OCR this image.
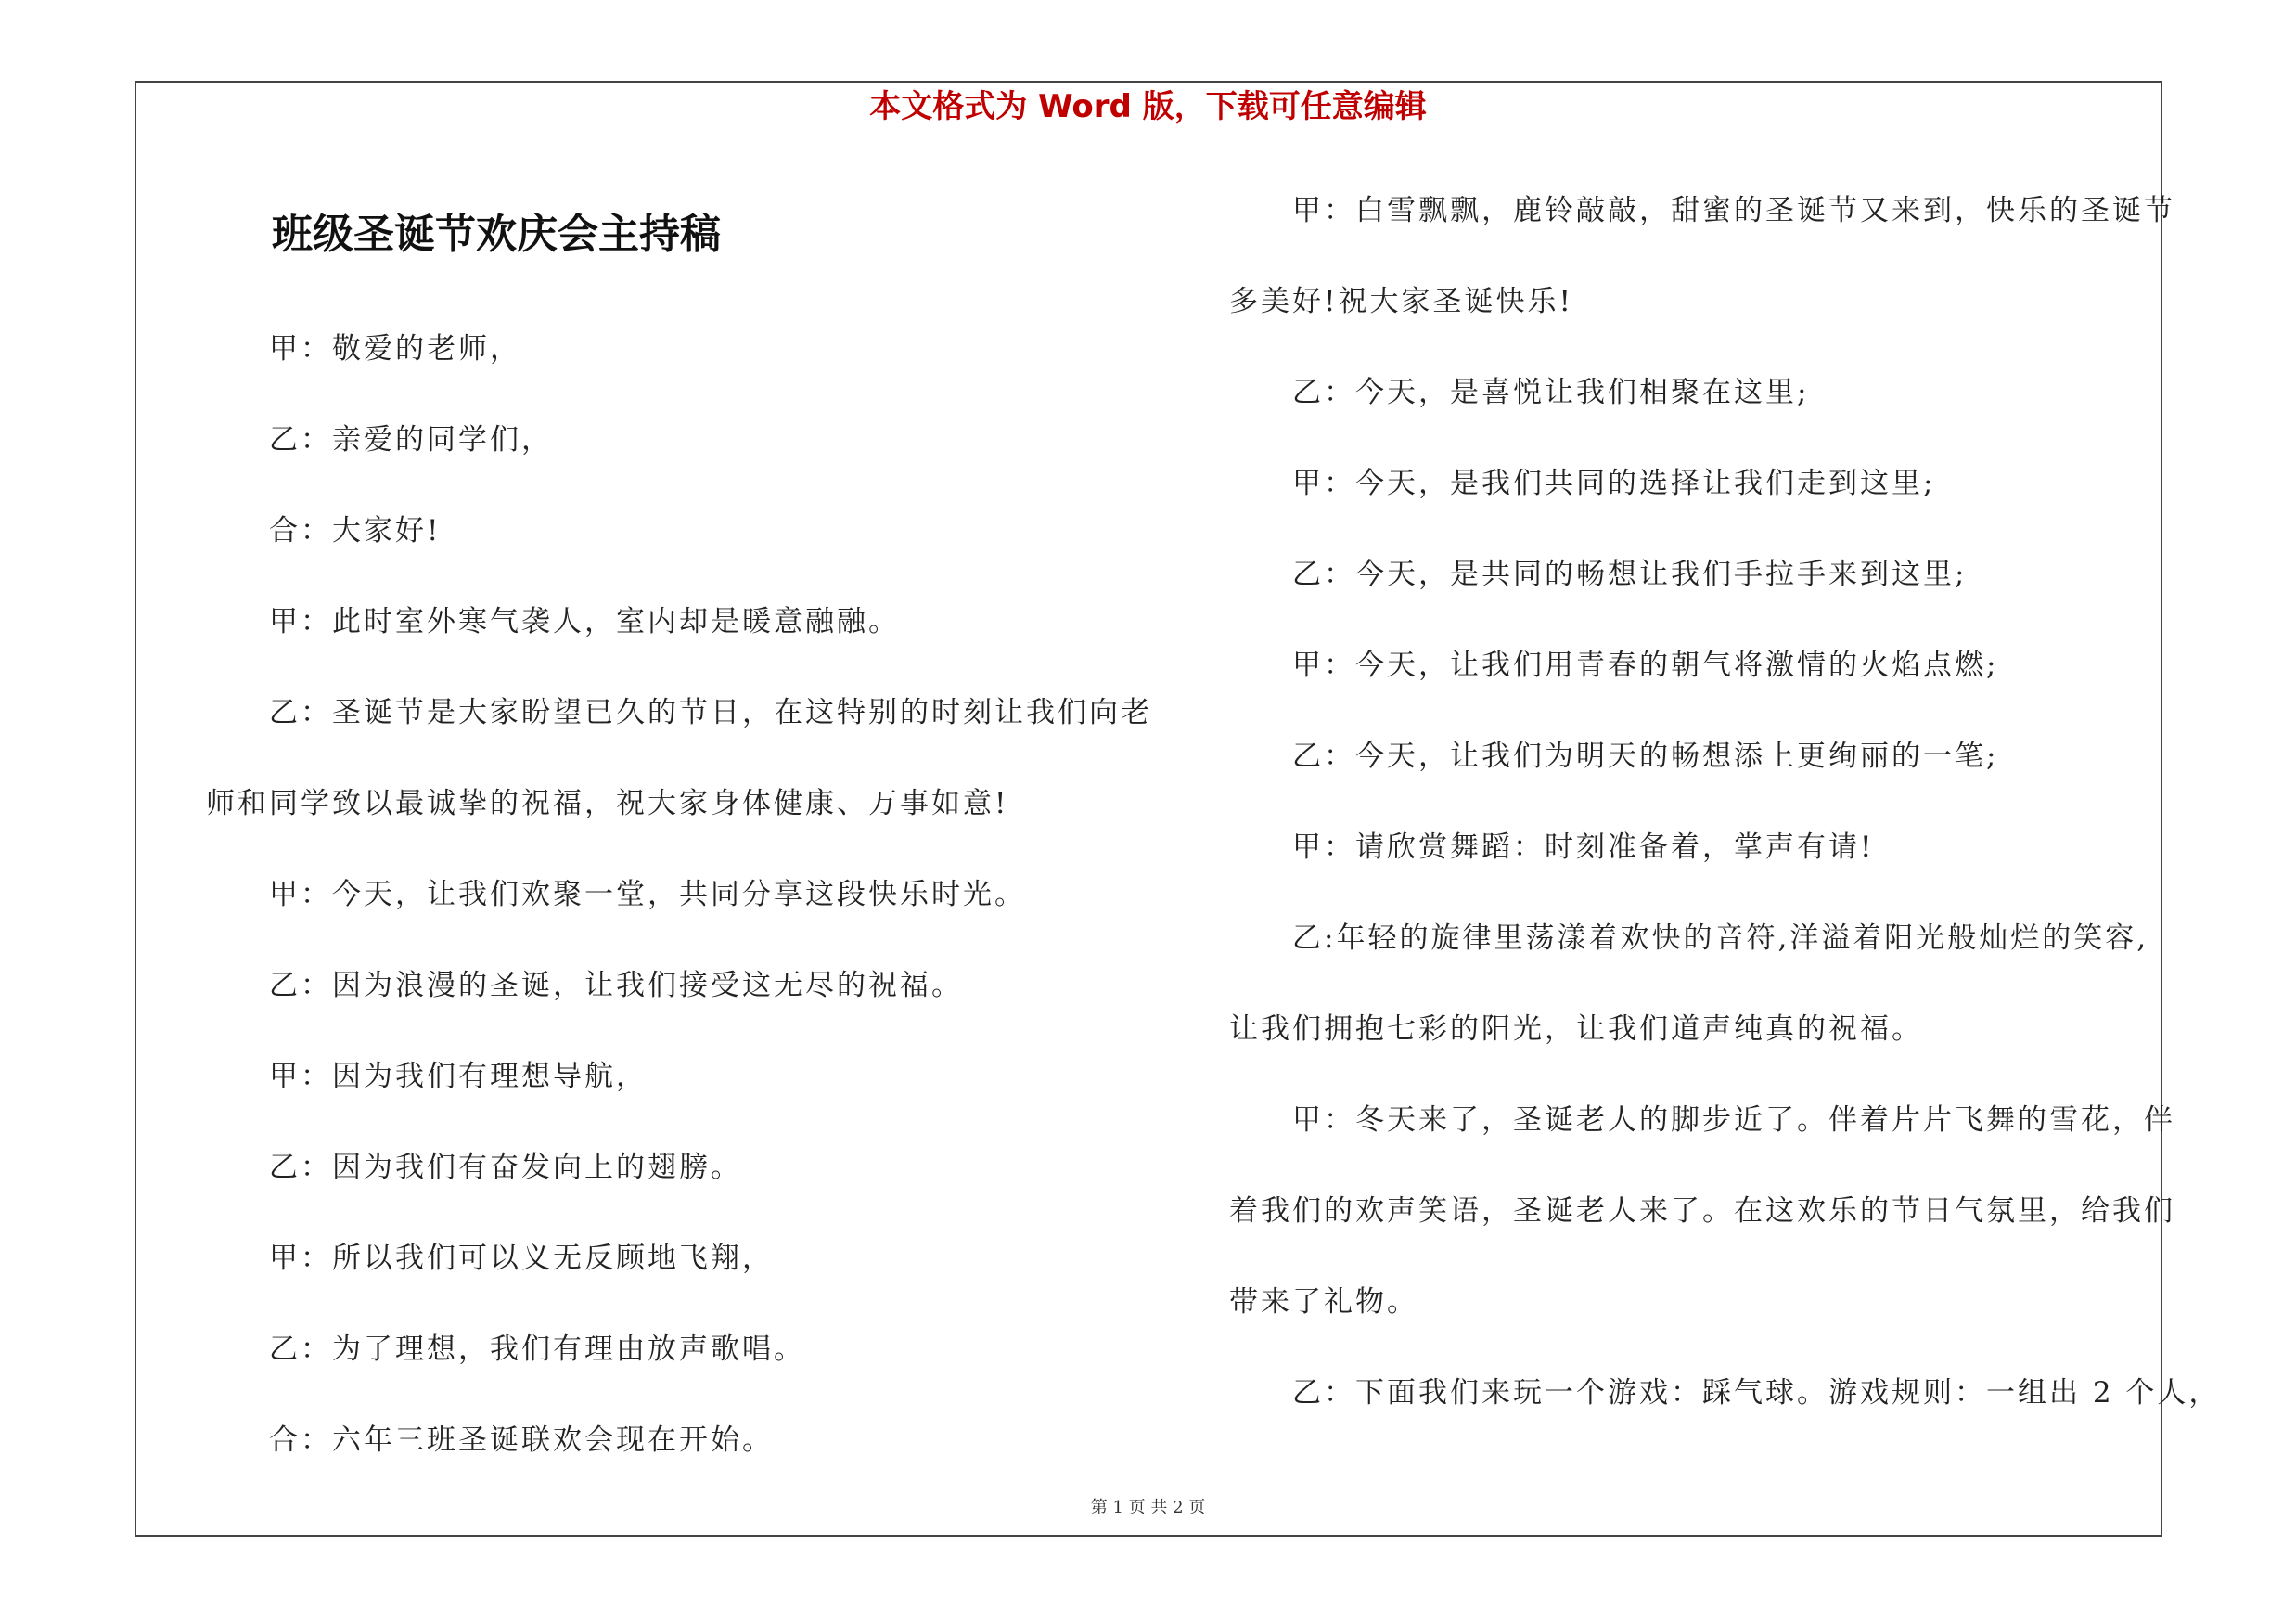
本文格式为 Word 版，下载可任意编辑
班级圣诞节欢庆会主持稿
甲：敬爱的老师，
乙：亲爱的同学们，
合：大家好!
甲：此时室外寒气袭人，室内却是暖意融融。
乙：圣诞节是大家盼望已久的节日，在这特别的时刻让我们向老
师和同学致以最诚挚的祝福，祝大家身体健康、万事如意!
甲：今天，让我们欢聚一堂，共同分享这段快乐时光。
乙：因为浪漫的圣诞，让我们接受这无尽的祝福。
甲：因为我们有理想导航，
乙：因为我们有奋发向上的翅膀。
甲：所以我们可以义无反顾地飞翔，
乙：为了理想，我们有理由放声歌唱。
合：六年三班圣诞联欢会现在开始。
甲：白雪飘飘，鹿铃敲敲，甜蜜的圣诞节又来到，快乐的圣诞节
多美好!祝大家圣诞快乐!
乙：今天，是喜悦让我们相聚在这里;
甲：今天，是我们共同的选择让我们走到这里;
乙：今天，是共同的畅想让我们手拉手来到这里;
甲：今天，让我们用青春的朝气将激情的火焰点燃;
乙：今天，让我们为明天的畅想添上更绚丽的一笔;
甲：请欣赏舞蹈：时刻准备着，掌声有请!
乙:年轻的旋律里荡漾着欢快的音符,洋溢着阳光般灿烂的笑容,
让我们拥抱七彩的阳光，让我们道声纯真的祝福。
甲：冬天来了，圣诞老人的脚步近了。伴着片片飞舞的雪花，伴
着我们的欢声笑语，圣诞老人来了。在这欢乐的节日气氛里，给我们
带来了礼物。
乙：下面我们来玩一个游戏：踩气球。游戏规则：一组出 2 个人，
第 1 页 共 2 页
